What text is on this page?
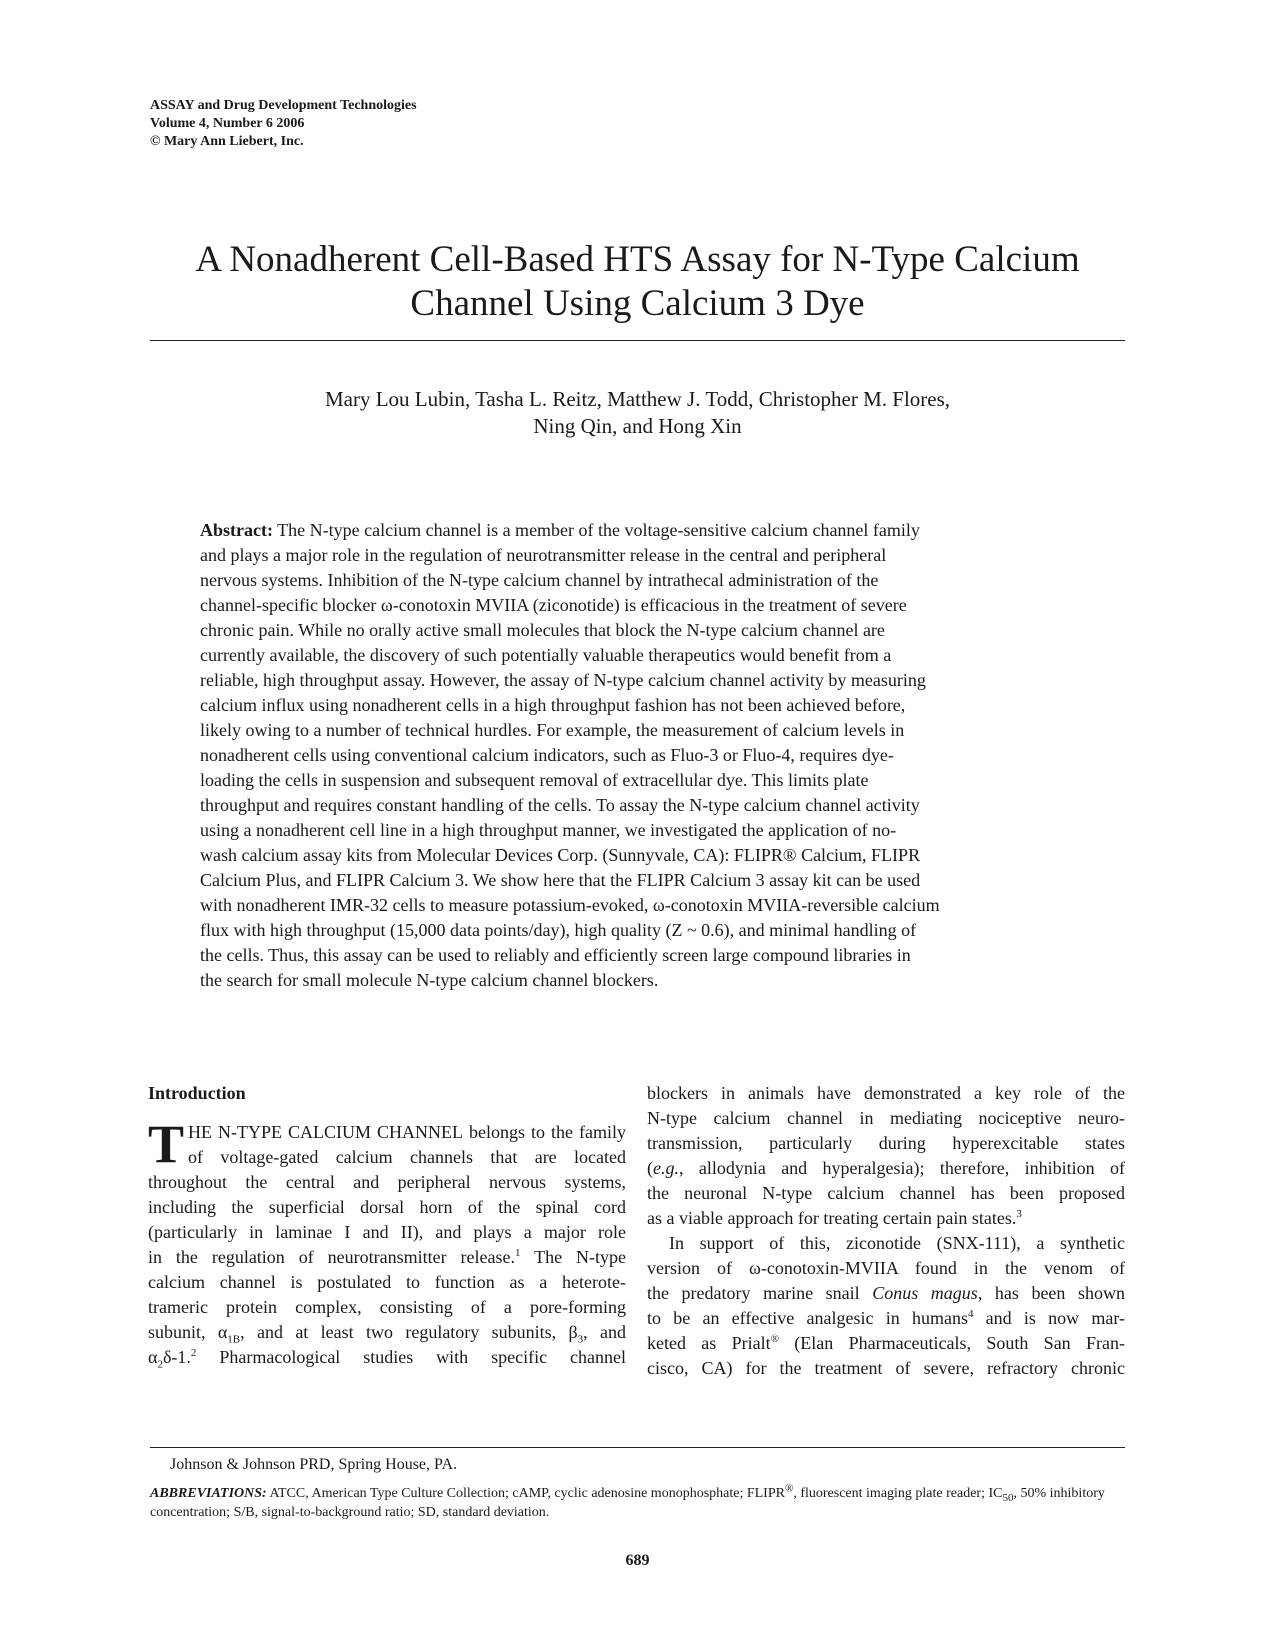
ASSAY and Drug Development Technologies
Volume 4, Number 6 2006
© Mary Ann Liebert, Inc.
A Nonadherent Cell-Based HTS Assay for N-Type Calcium
Channel Using Calcium 3 Dye
Mary Lou Lubin, Tasha L. Reitz, Matthew J. Todd, Christopher M. Flores,
Ning Qin, and Hong Xin
Abstract: The N-type calcium channel is a member of the voltage-sensitive calcium channel family
and plays a major role in the regulation of neurotransmitter release in the central and peripheral
nervous systems. Inhibition of the N-type calcium channel by intrathecal administration of the
channel-specific blocker ω-conotoxin MVIIA (ziconotide) is efficacious in the treatment of severe
chronic pain. While no orally active small molecules that block the N-type calcium channel are
currently available, the discovery of such potentially valuable therapeutics would benefit from a
reliable, high throughput assay. However, the assay of N-type calcium channel activity by measuring
calcium influx using nonadherent cells in a high throughput fashion has not been achieved before,
likely owing to a number of technical hurdles. For example, the measurement of calcium levels in
nonadherent cells using conventional calcium indicators, such as Fluo-3 or Fluo-4, requires dye-
loading the cells in suspension and subsequent removal of extracellular dye. This limits plate
throughput and requires constant handling of the cells. To assay the N-type calcium channel activity
using a nonadherent cell line in a high throughput manner, we investigated the application of no-
wash calcium assay kits from Molecular Devices Corp. (Sunnyvale, CA): FLIPR® Calcium, FLIPR
Calcium Plus, and FLIPR Calcium 3. We show here that the FLIPR Calcium 3 assay kit can be used
with nonadherent IMR-32 cells to measure potassium-evoked, ω-conotoxin MVIIA-reversible calcium
flux with high throughput (15,000 data points/day), high quality (Z ~ 0.6), and minimal handling of
the cells. Thus, this assay can be used to reliably and efficiently screen large compound libraries in
the search for small molecule N-type calcium channel blockers.
Introduction
T HE N-TYPE CALCIUM CHANNEL belongs to the family
of voltage-gated calcium channels that are located
throughout the central and peripheral nervous systems,
including the superficial dorsal horn of the spinal cord
(particularly in laminae I and II), and plays a major role
in the regulation of neurotransmitter release.$^1$ The N-type
calcium channel is postulated to function as a heterote-
trameric protein complex, consisting of a pore-forming
subunit, $\alpha_{1B}$, and at least two regulatory subunits, $\beta_3$, and
$\alpha_2\delta-1.^2$ Pharmacological studies with specific channel
blockers in animals have demonstrated a key role of the
N-type calcium channel in mediating nociceptive neuro-
transmission, particularly during hyperexcitable states
(e.g., allodynia and hyperalgesia); therefore, inhibition of
the neuronal N-type calcium channel has been proposed
as a viable approach for treating certain pain states.$^3$
In support of this, ziconotide (SNX-111), a synthetic
version of ω-conotoxin-MVIIA found in the venom of
the predatory marine snail Conus magus, has been shown
to be an effective analgesic in humans$^4$ and is now mar-
keted as Prialt® (Elan Pharmaceuticals, South San Fran-
cisco, CA) for the treatment of severe, refractory chronic
Johnson & Johnson PRD, Spring House, PA.
ABBREVIATIONS: ATCC, American Type Culture Collection; cAMP, cyclic adenosine monophosphate; FLIPR®, fluorescent imaging plate reader; $IC_{50}$, 50% inhibitory concentration; S/B, signal-to-background ratio; SD, standard deviation.
689
